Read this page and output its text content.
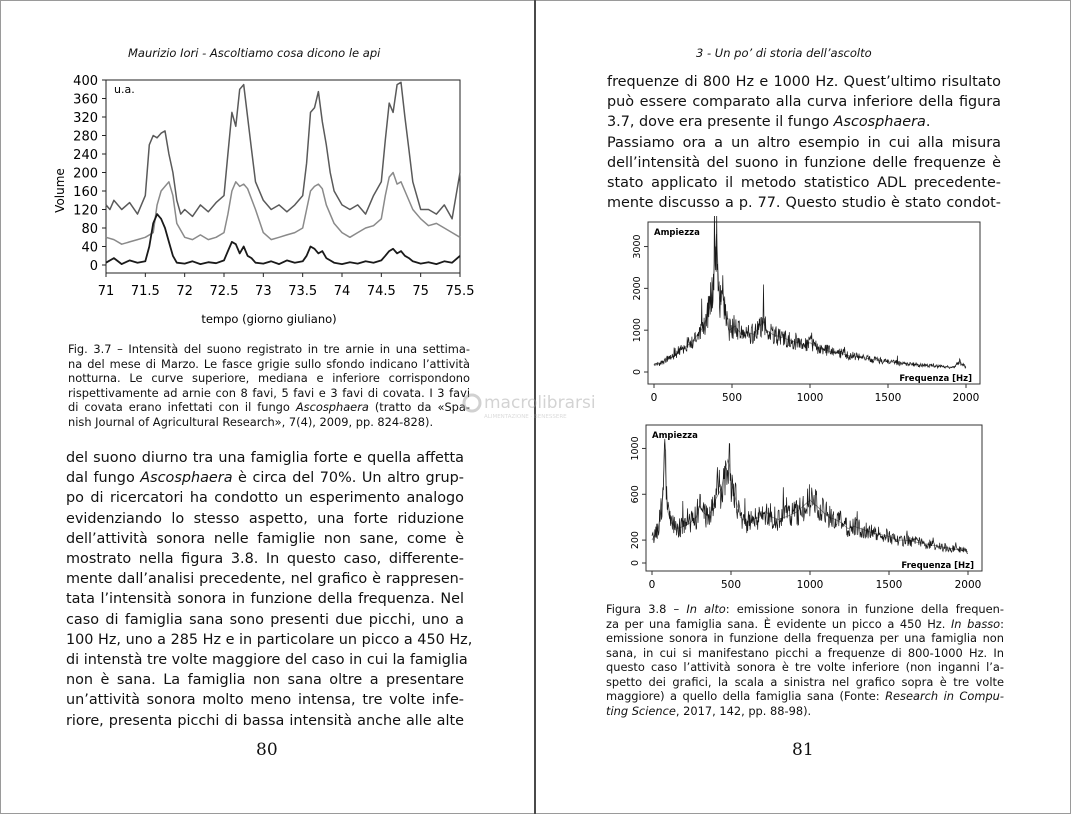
Maurizio Iori - Ascoltiamo cosa dicono le api
0
40
80
120
160
200
240
280
320
360
400
71 71.5 72 72.5 73 73.5 74 74.5 75 75.5
u.a.
tempo (giorno giuliano)
Volume
Fig. 3.7 – Intensità del suono registrato in tre arnie in una settima-
na del mese di Marzo. Le fasce grigie sullo sfondo indicano l’attività
notturna. Le curve superiore, mediana e inferiore corrispondono
rispettivamente ad arnie con 8 favi, 5 favi e 3 favi di covata. I 3 favi
di covata erano infettati con il fungo Ascosphaera (tratto da «Spa-
nish Journal of Agricultural Research», 7(4), 2009, pp. 824-828).
del suono diurno tra una famiglia forte e quella affetta
dal fungo Ascosphaera è circa del 70%. Un altro grup-
po di ricercatori ha condotto un esperimento analogo
evidenziando lo stesso aspetto, una forte riduzione
dell’attività sonora nelle famiglie non sane, come è
mostrato nella figura 3.8. In questo caso, differente-
mente dall’analisi precedente, nel grafico è rappresen-
tata l’intensità sonora in funzione della frequenza. Nel
caso di famiglia sana sono presenti due picchi, uno a
100 Hz, uno a 285 Hz e in particolare un picco a 450 Hz,
di intenstà tre volte maggiore del caso in cui la famiglia
non è sana. La famiglia non sana oltre a presentare
un’attività sonora molto meno intensa, tre volte infe-
riore, presenta picchi di bassa intensità anche alle alte
80
3 - Un po’ di storia dell’ascolto
frequenze di 800 Hz e 1000 Hz. Quest’ultimo risultato
può essere comparato alla curva inferiore della figura
3.7, dove era presente il fungo Ascosphaera.
Passiamo ora a un altro esempio in cui alla misura
dell’intensità del suono in funzione delle frequenze è
stato applicato il metodo statistico ADL precedente-
mente discusso a p. 77. Questo studio è stato condot-
0
1000
2000
3000
0	500	1000	1500	2000
Ampiezza
Frequenza [Hz]
0
200
600
1000
0	500	1000	1500	2000
Ampiezza
Frequenza [Hz]
Figura 3.8 – In alto: emissione sonora in funzione della frequen-
za per una famiglia sana. È evidente un picco a 450 Hz. In basso:
emissione sonora in funzione della frequenza per una famiglia non
sana, in cui si manifestano picchi a frequenze di 800-1000 Hz. In
questo caso l’attività sonora è tre volte inferiore (non inganni l’a-
spetto dei grafici, la scala a sinistra nel grafico sopra è tre volte
maggiore) a quello della famiglia sana (Fonte: Research in Compu-
ting Science, 2017, 142, pp. 88-98).
81
macrolibrarsi
ALIMENTAZIONE · BENESSERE
